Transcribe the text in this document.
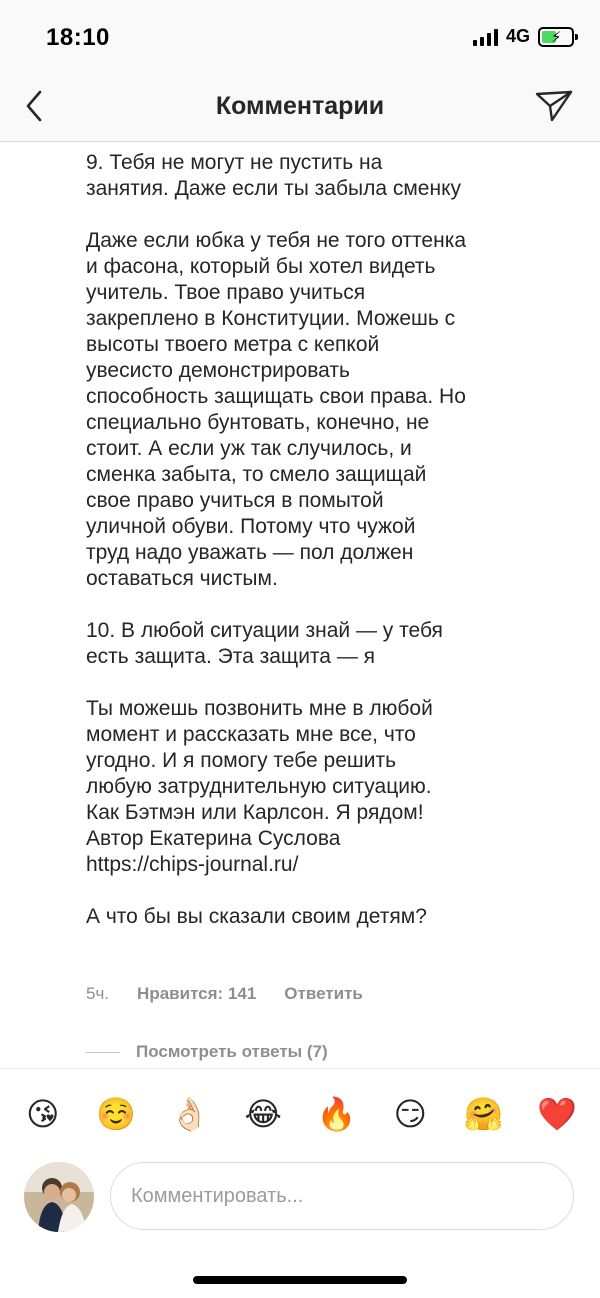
18:10	4G ⚡
Комментарии

9. Тебя не могут не пустить на
занятия. Даже если ты забыла сменку

Даже если юбка у тебя не того оттенка
и фасона, который бы хотел видеть
учитель. Твое право учиться
закреплено в Конституции. Можешь с
высоты твоего метра с кепкой
увесисто демонстрировать
способность защищать свои права. Но
специально бунтовать, конечно, не
стоит. А если уж так случилось, и
сменка забыта, то смело защищай
свое право учиться в помытой
уличной обуви. Потому что чужой
труд надо уважать — пол должен
оставаться чистым.

10. В любой ситуации знай — у тебя
есть защита. Эта защита — я

Ты можешь позвонить мне в любой
момент и рассказать мне все, что
угодно. И я помогу тебе решить
любую затруднительную ситуацию.
Как Бэтмэн или Карлсон. Я рядом!

Автор Екатерина Суслова
https://chips-journal.ru/

А что бы вы сказали своим детям?

5ч. Нравится: 141 Ответить
Посмотреть ответы (7)
😘	☺️ 👌🏻 😂 🔥	😏	🤗 ❤️
Комментировать...
